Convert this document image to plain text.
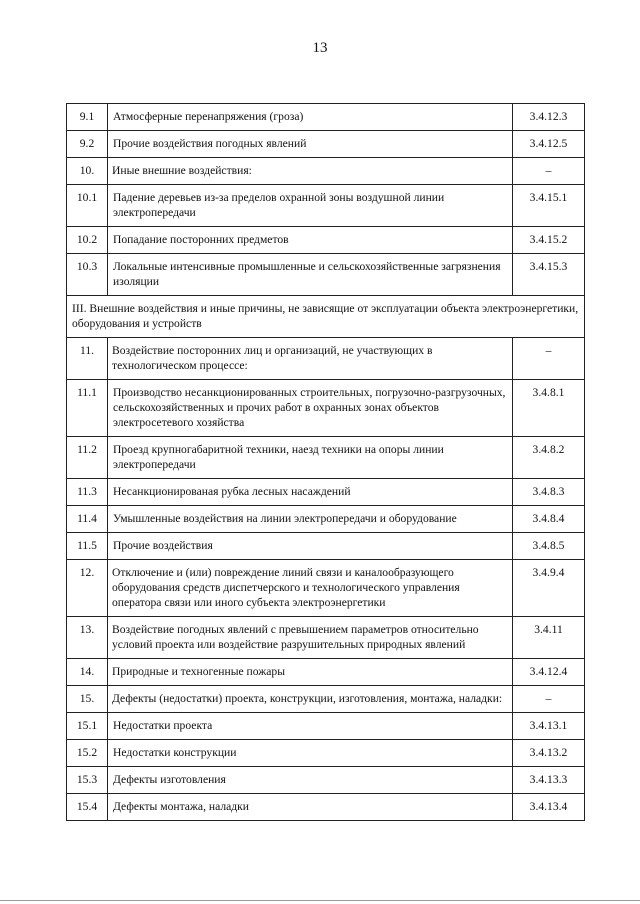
13
9.1	Атмосферные перенапряжения (гроза)	3.4.12.3
9.2	Прочие воздействия погодных явлений	3.4.12.5
10.	Иные внешние воздействия:	–
10.1	Падение деревьев из-за пределов охранной зоны воздушной линии электропередачи	3.4.15.1
10.2	Попадание посторонних предметов	3.4.15.2
10.3	Локальные интенсивные промышленные и сельскохозяйственные загрязнения изоляции	3.4.15.3
III. Внешние воздействия и иные причины, не зависящие от эксплуатации объекта электроэнергетики, оборудования и устройств		
11.	Воздействие посторонних лиц и организаций, не участвующих в технологическом процессе:	–
11.1	Производство несанкционированных строительных, погрузочно-разгрузочных, сельскохозяйственных и прочих работ в охранных зонах объектов электросетевого хозяйства	3.4.8.1
11.2	Проезд крупногабаритной техники, наезд техники на опоры линии электропередачи	3.4.8.2
11.3	Несанкционированая рубка лесных насаждений	3.4.8.3
11.4	Умышленные воздействия на линии электропередачи и оборудование	3.4.8.4
11.5	Прочие воздействия	3.4.8.5
12.	Отключение и (или) повреждение линий связи и каналообразующего оборудования средств диспетчерского и технологического управления оператора связи или иного субъекта электроэнергетики	3.4.9.4
13.	Воздействие погодных явлений с превышением параметров относительно условий проекта или воздействие разрушительных природных явлений	3.4.11
14.	Природные и техногенные пожары	3.4.12.4
15.	Дефекты (недостатки) проекта, конструкции, изготовления, монтажа, наладки:	–
15.1	Недостатки проекта	3.4.13.1
15.2	Недостатки конструкции	3.4.13.2
15.3	Дефекты изготовления	3.4.13.3
15.4	Дефекты монтажа, наладки	3.4.13.4
